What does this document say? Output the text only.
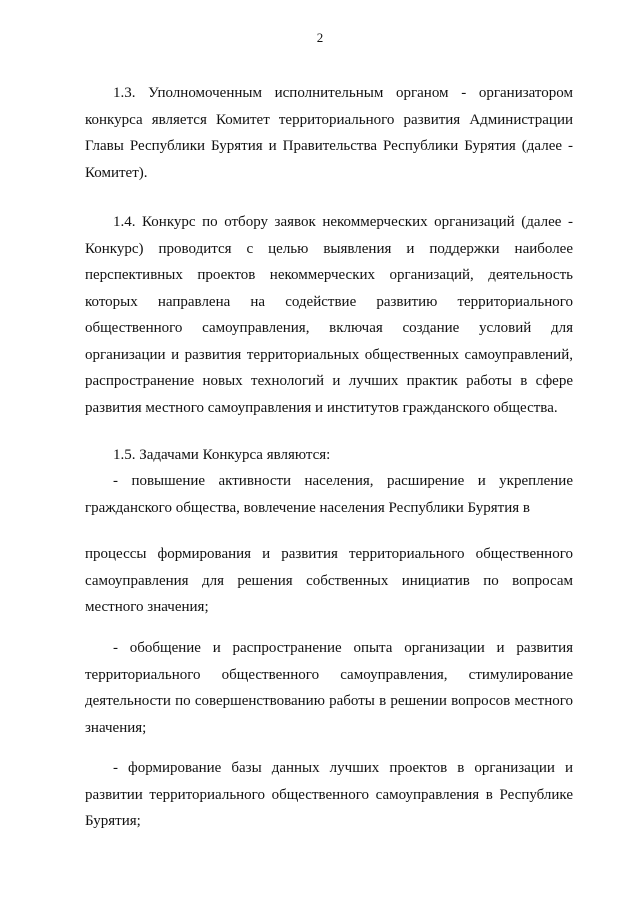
2

1.3. Уполномоченным исполнительным органом - организатором конкурса является Комитет территориального развития Администрации Главы Республики Бурятия и Правительства Республики Бурятия (далее - Комитет).

1.4. Конкурс по отбору заявок некоммерческих организаций (далее - Конкурс) проводится с целью выявления и поддержки наиболее перспективных проектов некоммерческих организаций, деятельность которых направлена на содействие развитию территориального общественного самоуправления, включая создание условий для организации и развития территориальных общественных самоуправлений, распространение новых технологий и лучших практик работы в сфере развития местного самоуправления и институтов гражданского общества.

1.5. Задачами Конкурса являются:

- повышение активности населения, расширение и укрепление гражданского общества, вовлечение населения Республики Бурятия в

процессы формирования и развития территориального общественного самоуправления для решения собственных инициатив по вопросам местного значения;

- обобщение и распространение опыта организации и развития территориального общественного самоуправления, стимулирование деятельности по совершенствованию работы в решении вопросов местного значения;

- формирование базы данных лучших проектов в организации и развитии территориального общественного самоуправления в Республике Бурятия;
